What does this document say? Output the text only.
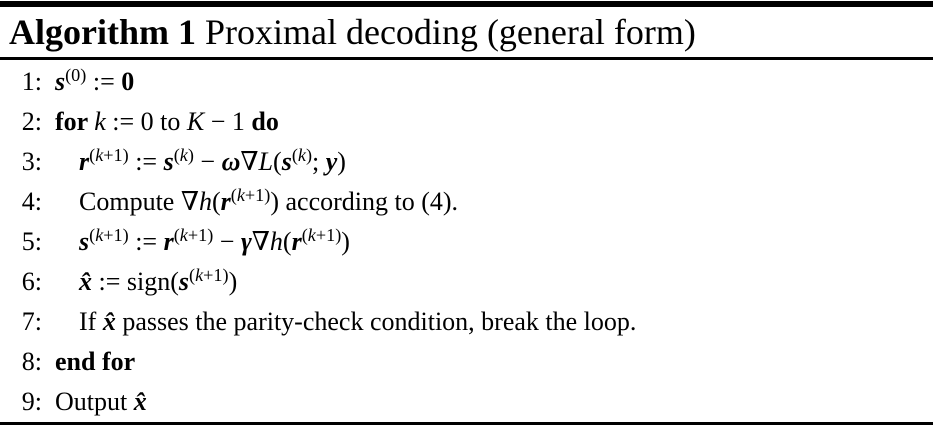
Algorithm 1 Proximal decoding (general form)
1: $s^{(0)}$ := 0
2: for k := 0 to K − 1 do
3:	$r^{(k+1)}$ := $s^{(k)} - \omega\nabla L(s^{(k)}$; y)
4:	Compute $\nabla h(r^{(k+1)})$ according to (4).
5:	$s^{(k+1)}$ := $r^{(k+1)} - \gamma\nabla h(r^{(k+1)})$
6:	x̂ := $sign(s^{(k+1)})$
7:	If x̂ passes the parity-check condition, break the loop.
8: end for
9: Output x̂
